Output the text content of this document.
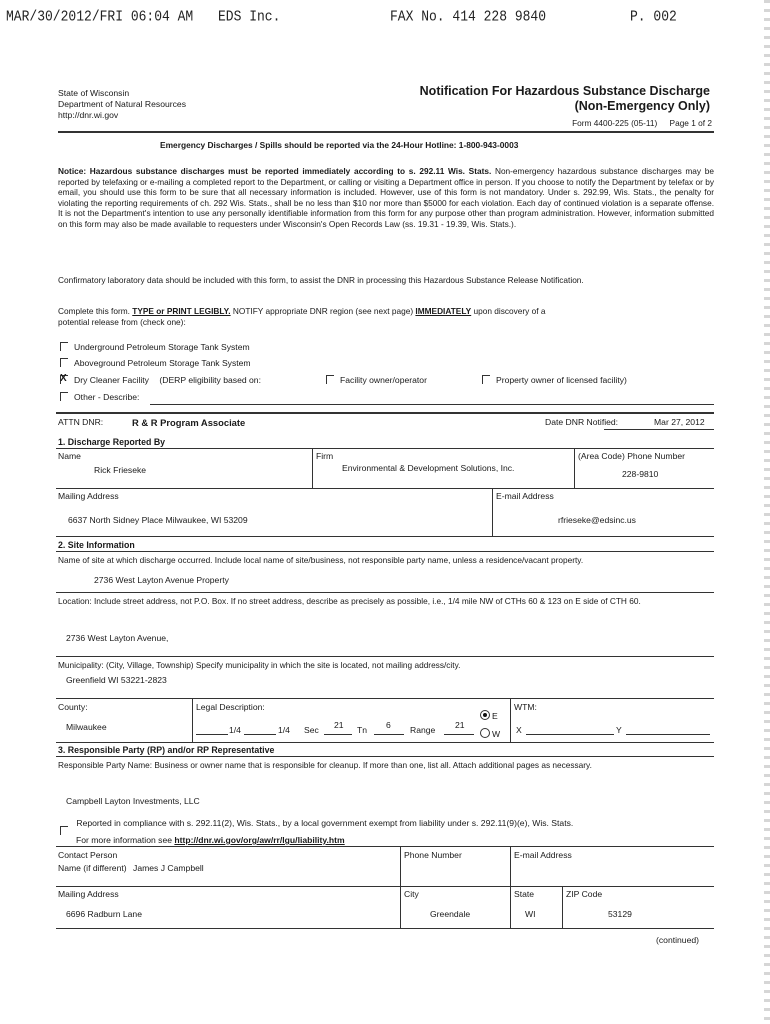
MAR/30/2012/FRI 06:04 AM EDS Inc.	FAX No. 414 228 9840	P. 002
State of Wisconsin
Department of Natural Resources
http://dnr.wi.gov
Notification For Hazardous Substance Discharge
(Non-Emergency Only)
Form 4400-225 (05-11) Page 1 of 2
Emergency Discharges / Spills should be reported via the 24-Hour Hotline: 1-800-943-0003
Notice: Hazardous substance discharges must be reported immediately according to s. 292.11 Wis. Stats. Non-emergency hazardous substance discharges may be reported by telefaxing or e-mailing a completed report to the Department, or calling or visiting a Department office in person. If you choose to notify the Department by telefax or by email, you should use this form to be sure that all necessary information is included. However, use of this form is not mandatory. Under s. 292.99, Wis. Stats., the penalty for violating the reporting requirements of ch. 292 Wis. Stats., shall be no less than $10 nor more than $5000 for each violation. Each day of continued violation is a separate offense. It is not the Department's intention to use any personally identifiable information from this form for any purpose other than program administration. However, information submitted on this form may also be made available to requesters under Wisconsin's Open Records Law (ss. 19.31 - 19.39, Wis. Stats.).
Confirmatory laboratory data should be included with this form, to assist the DNR in processing this Hazardous Substance Release Notification.
Complete this form. TYPE or PRINT LEGIBLY. NOTIFY appropriate DNR region (see next page) IMMEDIATELY upon discovery of a
potential release from (check one):
Underground Petroleum Storage Tank System
Aboveground Petroleum Storage Tank System
XDry Cleaner Facility (DERP eligibility based on:	Facility owner/operator	Property owner of licensed facility)
Other - Describe:
ATTN DNR:	R & R Program Associate	Date DNR Notified:	Mar 27, 2012
1. Discharge Reported By
Name
Rick Frieseke
Firm
Environmental & Development Solutions, Inc.
(Area Code) Phone Number
228-9810
Mailing Address
6637 North Sidney Place Milwaukee, WI 53209
E-mail Address
rfrieseke@edsinc.us
2. Site Information
Name of site at which discharge occurred. Include local name of site/business, not responsible party name, unless a residence/vacant property.
2736 West Layton Avenue Property
Location: Include street address, not P.O. Box. If no street address, describe as precisely as possible, i.e., 1/4 mile NW of CTHs 60 & 123 on E side of CTH 60.
2736 West Layton Avenue,
Municipality: (City, Village, Township) Specify municipality in which the site is located, not mailing address/city.
Greenfield WI 53221-2823
County:
Milwaukee
Legal Description:
1/4	1/4 Sec 21 Tn 6 Range 21
E
W
WTM:
X	Y
3. Responsible Party (RP) and/or RP Representative
Responsible Party Name: Business or owner name that is responsible for cleanup. If more than one, list all. Attach additional pages as necessary.
Campbell Layton Investments, LLC
Reported in compliance with s. 292.11(2), Wis. Stats., by a local government exempt from liability under s. 292.11(9)(e), Wis. Stats.
For more information see http://dnr.wi.gov/org/aw/rr/lgu/liability.htm
Contact Person
Name (if different) James J Campbell
Phone Number	E-mail Address
Mailing Address
6696 Radburn Lane
City
Greendale
State
WI
ZIP Code
53129
(continued)
